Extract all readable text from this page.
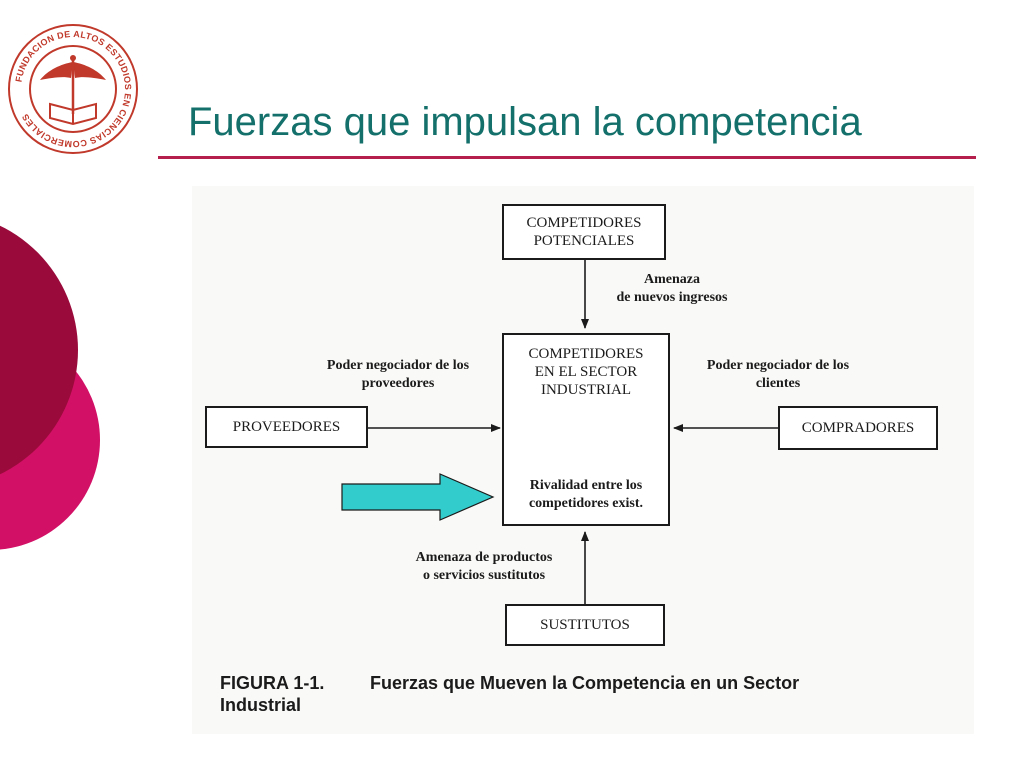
FUNDACION DE ALTOS ESTUDIOS EN CIENCIAS COMERCIALES	Fuerzas que impulsan la competencia
COMPETIDORES
POTENCIALES
COMPETIDORES
EN EL SECTOR
INDUSTRIAL
Rivalidad entre los
competidores exist.
PROVEEDORES	COMPRADORES
SUSTITUTOS
Amenaza
de nuevos ingresos
Poder negociador de los
proveedores
Poder negociador de los
clientes
Amenaza de productos
o servicios sustitutos
FIGURA 1-1.	Fuerzas que Mueven la Competencia en un Sector
Industrial
